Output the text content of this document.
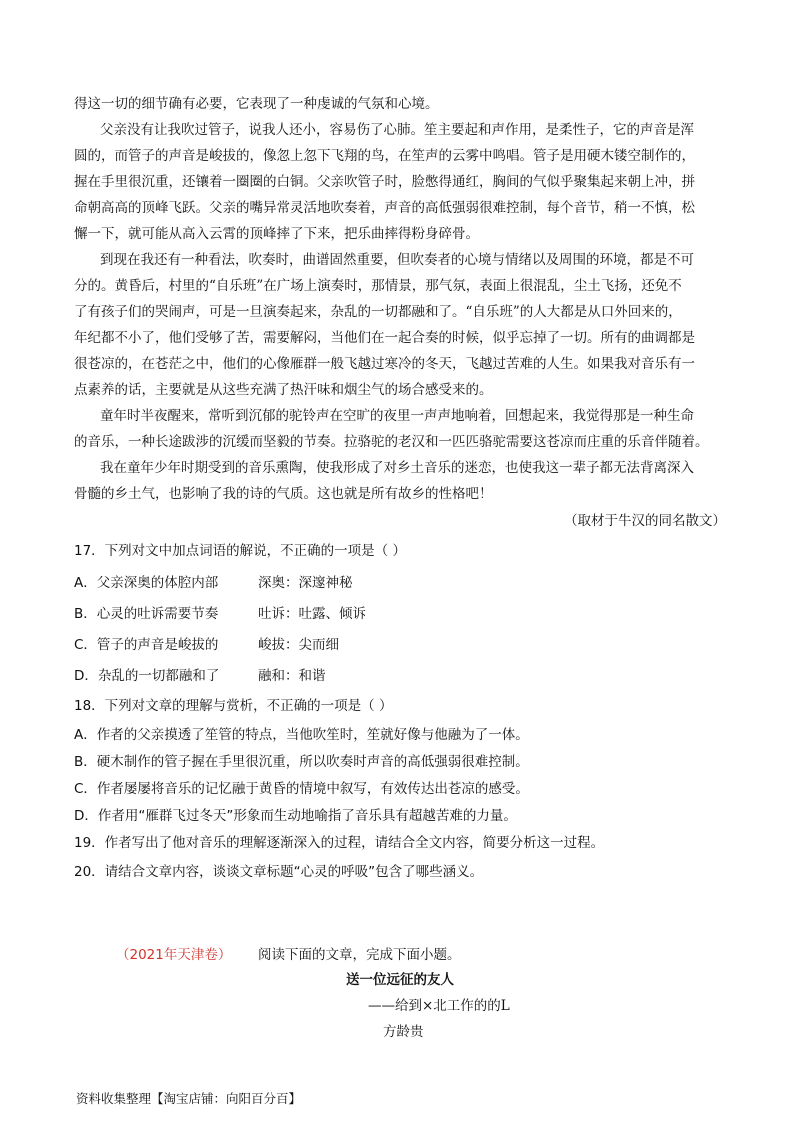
得这一切的细节确有必要，它表现了一种虔诚的气氛和心境。
父亲没有让我吹过管子，说我人还小，容易伤了心肺。笙主要起和声作用，是柔性子，它的声音是浑
圆的，而管子的声音是峻拔的，像忽上忽下飞翔的鸟，在笙声的云雾中鸣唱。管子是用硬木镂空制作的，
握在手里很沉重，还镶着一圈圈的白铜。父亲吹管子时，脸憋得通红，胸间的气似乎聚集起来朝上冲，拼
命朝高高的顶峰飞跃。父亲的嘴异常灵活地吹奏着，声音的高低强弱很难控制，每个音节，稍一不慎，松
懈一下，就可能从高入云霄的顶峰摔了下来，把乐曲摔得粉身碎骨。
到现在我还有一种看法，吹奏时，曲谱固然重要，但吹奏者的心境与情绪以及周围的环境，都是不可
分的。黄昏后，村里的“自乐班”在广场上演奏时，那情景，那气氛，表面上很混乱，尘土飞扬，还免不
了有孩子们的哭闹声，可是一旦演奏起来，杂乱的一切都融和了。“自乐班”的人大都是从口外回来的，
年纪都不小了，他们受够了苦，需要解闷，当他们在一起合奏的时候，似乎忘掉了一切。所有的曲调都是
很苍凉的，在苍茫之中，他们的心像雁群一般飞越过寒冷的冬天，飞越过苦难的人生。如果我对音乐有一
点素养的话，主要就是从这些充满了热汗味和烟尘气的场合感受来的。
童年时半夜醒来，常听到沉郁的驼铃声在空旷的夜里一声声地响着，回想起来，我觉得那是一种生命
的音乐，一种长途跋涉的沉缓而坚毅的节奏。拉骆驼的老汉和一匹匹骆驼需要这苍凉而庄重的乐音伴随着。
我在童年少年时期受到的音乐熏陶，使我形成了对乡土音乐的迷恋，也使我这一辈子都无法背离深入
骨髓的乡土气，也影响了我的诗的气质。这也就是所有故乡的性格吧！
（取材于牛汉的同名散文）
17．下列对文中加点词语的解说，不正确的一项是（ ）
A．父亲深奥的体腔内部	深奥：深邃神秘
B．心灵的吐诉需要节奏	吐诉：吐露、倾诉
C．管子的声音是峻拔的	峻拔：尖而细
D．杂乱的一切都融和了	融和：和谐
18．下列对文章的理解与赏析，不正确的一项是（ ）
A．作者的父亲摸透了笙管的特点，当他吹笙时，笙就好像与他融为了一体。
B．硬木制作的管子握在手里很沉重，所以吹奏时声音的高低强弱很难控制。
C．作者屡屡将音乐的记忆融于黄昏的情境中叙写，有效传达出苍凉的感受。
D．作者用“雁群飞过冬天”形象而生动地喻指了音乐具有超越苦难的力量。
19．作者写出了他对音乐的理解逐渐深入的过程，请结合全文内容，简要分析这一过程。
20．请结合文章内容，谈谈文章标题“心灵的呼吸”包含了哪些涵义。
（2021年天津卷） 阅读下面的文章，完成下面小题。
送一位远征的友人
——给到×北工作的的L
方龄贵
资料收集整理【淘宝店铺：向阳百分百】
